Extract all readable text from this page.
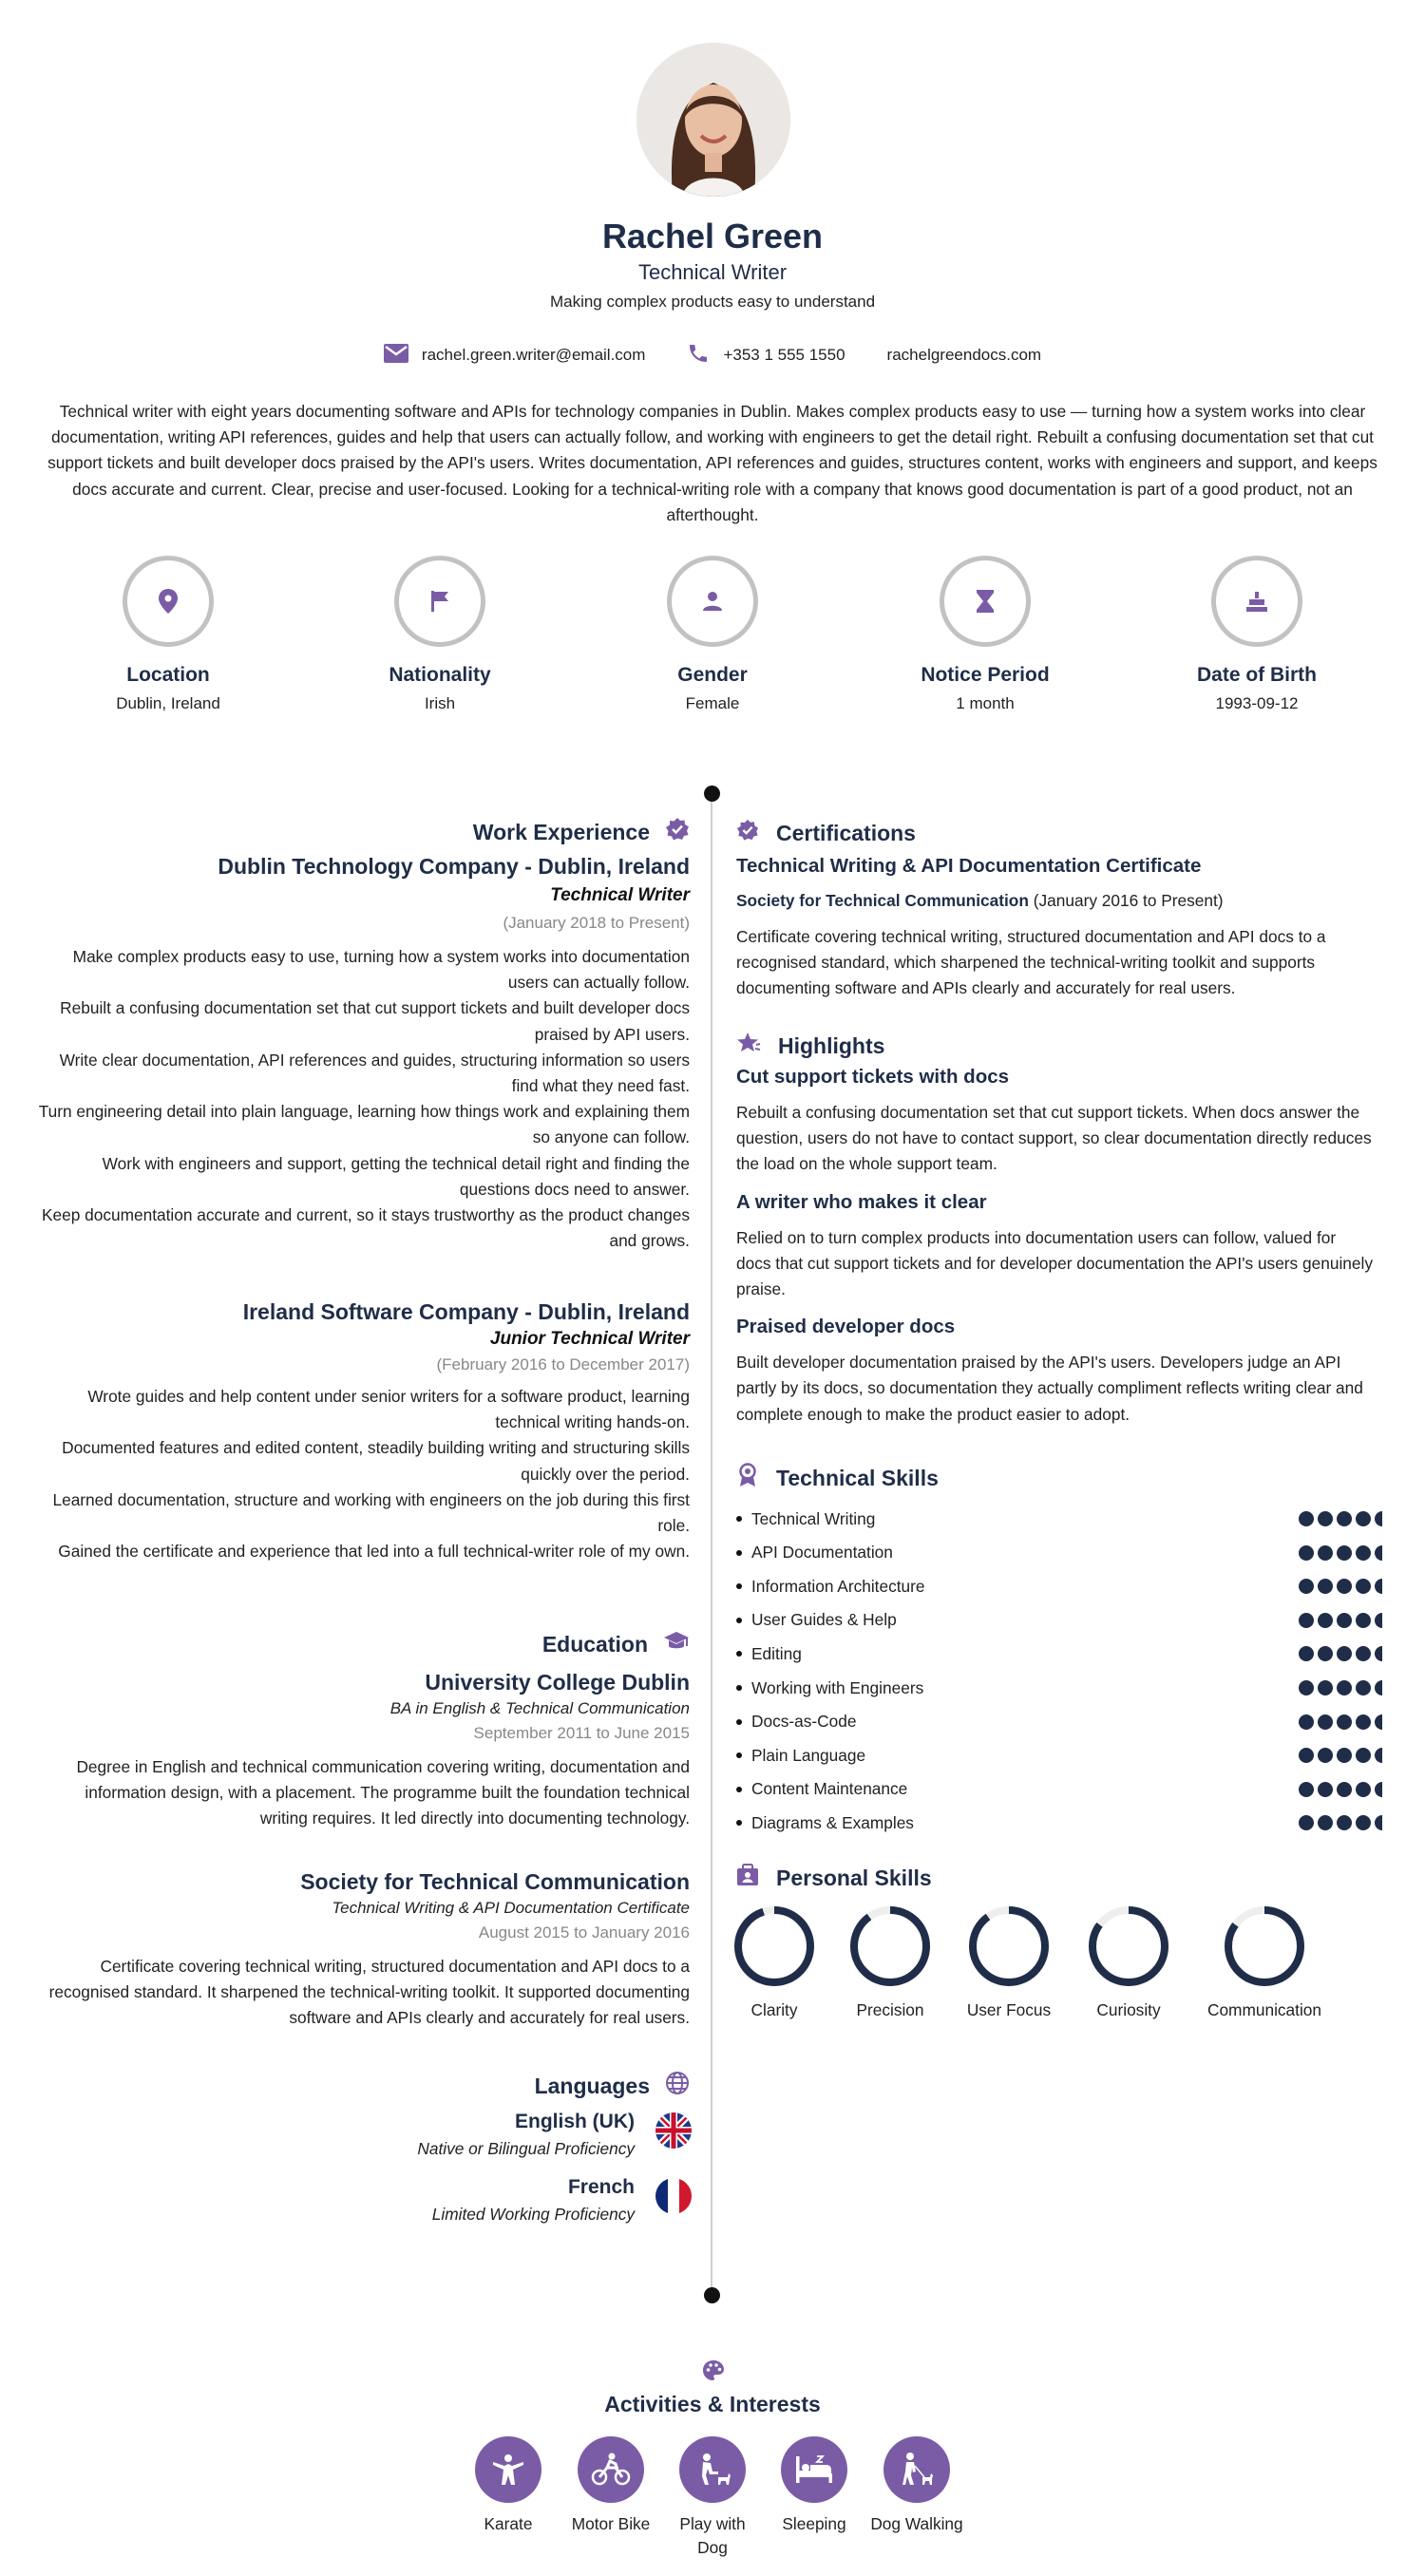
Rachel Green
Technical Writer
Making complex products easy to understand
rachel.green.writer@email.com	+353 1 555 1550	rachelgreendocs.com
Technical writer with eight years documenting software and APIs for technology companies in Dublin. Makes complex products easy to use — turning how a system works into clear documentation, writing API references, guides and help that users can actually follow, and working with engineers to get the detail right. Rebuilt a confusing documentation set that cut support tickets and built developer docs praised by the API's users. Writes documentation, API references and guides, structures content, works with engineers and support, and keeps docs accurate and current. Clear, precise and user-focused. Looking for a technical-writing role with a company that knows good documentation is part of a good product, not an afterthought.
Location
Dublin, Ireland
Nationality
Irish
Gender
Female
Notice Period
1 month
Date of Birth
1993-09-12
Work Experience
Dublin Technology Company - Dublin, Ireland
Technical Writer
(January 2018 to Present)
Make complex products easy to use, turning how a system works into documentation users can actually follow.
Rebuilt a confusing documentation set that cut support tickets and built developer docs praised by API users.
Write clear documentation, API references and guides, structuring information so users find what they need fast.
Turn engineering detail into plain language, learning how things work and explaining them so anyone can follow.
Work with engineers and support, getting the technical detail right and finding the questions docs need to answer.
Keep documentation accurate and current, so it stays trustworthy as the product changes and grows.
Ireland Software Company - Dublin, Ireland
Junior Technical Writer
(February 2016 to December 2017)
Wrote guides and help content under senior writers for a software product, learning technical writing hands-on.
Documented features and edited content, steadily building writing and structuring skills quickly over the period.
Learned documentation, structure and working with engineers on the job during this first role.
Gained the certificate and experience that led into a full technical-writer role of my own.
Education
University College Dublin
BA in English & Technical Communication
September 2011 to June 2015
Degree in English and technical communication covering writing, documentation and information design, with a placement. The programme built the foundation technical writing requires. It led directly into documenting technology.
Society for Technical Communication
Technical Writing & API Documentation Certificate
August 2015 to January 2016
Certificate covering technical writing, structured documentation and API docs to a recognised standard. It sharpened the technical-writing toolkit. It supported documenting software and APIs clearly and accurately for real users.
Languages
English (UK)
Native or Bilingual Proficiency
French
Limited Working Proficiency
Certifications
Technical Writing & API Documentation Certificate
Society for Technical Communication (January 2016 to Present)
Certificate covering technical writing, structured documentation and API docs to a recognised standard, which sharpened the technical-writing toolkit and supports documenting software and APIs clearly and accurately for real users.
Highlights
Cut support tickets with docs
Rebuilt a confusing documentation set that cut support tickets. When docs answer the question, users do not have to contact support, so clear documentation directly reduces the load on the whole support team.
A writer who makes it clear
Relied on to turn complex products into documentation users can follow, valued for docs that cut support tickets and for developer documentation the API's users genuinely praise.
Praised developer docs
Built developer documentation praised by the API's users. Developers judge an API partly by its docs, so documentation they actually compliment reflects writing clear and complete enough to make the product easier to adopt.
Technical Skills
Technical Writing
API Documentation
Information Architecture
User Guides & Help
Editing
Working with Engineers
Docs-as-Code
Plain Language
Content Maintenance
Diagrams & Examples
Personal Skills
Clarity	Precision	User Focus	Curiosity	Communication
Activities & Interests
Karate	Motor Bike	Play with Dog
Sleeping	Dog Walking
